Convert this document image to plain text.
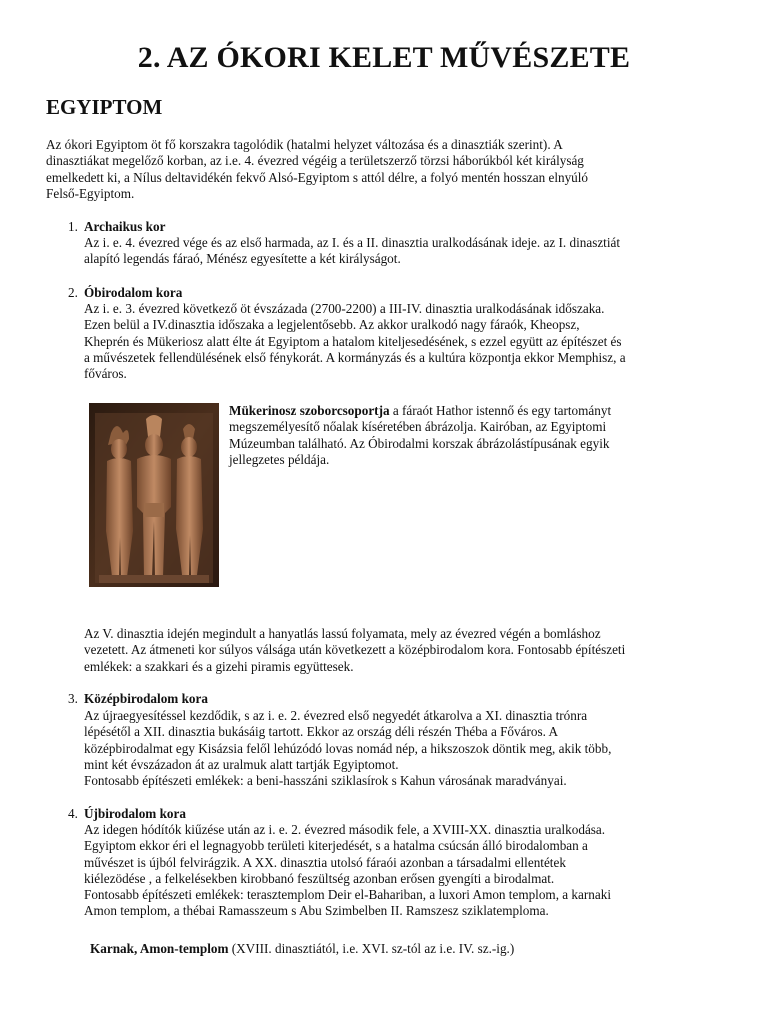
2. AZ ÓKORI KELET MŰVÉSZETE
EGYIPTOM
Az ókori Egyiptom öt fő korszakra tagolódik (hatalmi helyzet változása és a dinasztiák szerint). A
dinasztiákat megelőző korban, az i.e. 4. évezred végéig a területszerző törzsi háborúkból két királyság
emelkedett ki, a Nílus deltavidékén fekvő Alsó-Egyiptom s attól délre, a folyó mentén hosszan elnyúló
Felső-Egyiptom.
1. Archaikus kor
Az i. e. 4. évezred vége és az első harmada, az I. és a II. dinasztia uralkodásának ideje. az I. dinasztiát
alapító legendás fáraó, Ménész egyesítette a két királyságot.
2. Óbirodalom kora
Az i. e. 3. évezred következő öt évszázada (2700-2200) a III-IV. dinasztia uralkodásának időszaka.
Ezen belül a IV.dinasztia időszaka a legjelentősebb. Az akkor uralkodó nagy fáraók, Kheopsz,
Kheprén és Mükeriosz alatt élte át Egyiptom a hatalom kiteljesedésének, s ezzel együtt az építészet és
a művészetek fellendülésének első fénykorát. A kormányzás és a kultúra központja ekkor Memphisz, a
főváros.
Mükerinosz szoborcsoportja a fáraót Hathor istennő és egy tartományt
megszemélyesítő nőalak kíséretében ábrázolja. Kairóban, az Egyiptomi
Múzeumban található. Az Óbirodalmi korszak ábrázolástípusának egyik
jellegzetes példája.
Az V. dinasztia idején megindult a hanyatlás lassú folyamata, mely az évezred végén a bomláshoz
vezetett. Az átmeneti kor súlyos válsága után következett a középbirodalom kora. Fontosabb építészeti
emlékek: a szakkari és a gizehi piramis együttesek.
3. Középbirodalom kora
Az újraegyesítéssel kezdődik, s az i. e. 2. évezred első negyedét átkarolva a XI. dinasztia trónra
lépésétől a XII. dinasztia bukásáig tartott. Ekkor az ország déli részén Théba a Főváros. A
középbirodalmat egy Kisázsia felől lehúzódó lovas nomád nép, a hikszoszok döntik meg, akik több,
mint két évszázadon át az uralmuk alatt tartják Egyiptomot.
Fontosabb építészeti emlékek: a beni-hasszáni sziklasírok s Kahun városának maradványai.
4. Újbirodalom kora
Az idegen hódítók kiűzése után az i. e. 2. évezred második fele, a XVIII-XX. dinasztia uralkodása.
Egyiptom ekkor éri el legnagyobb területi kiterjedését, s a hatalma csúcsán álló birodalomban a
művészet is újból felvirágzik. A XX. dinasztia utolsó fáraói azonban a társadalmi ellentétek
kiélezödése , a felkelésekben kirobbanó feszültség azonban erősen gyengíti a birodalmat.
Fontosabb építészeti emlékek: terasztemplom Deir el-Bahariban, a luxori Amon templom, a karnaki
Amon templom, a thébai Ramasszeum s Abu Szimbelben II. Ramszesz sziklatemploma.
Karnak, Amon-templom (XVIII. dinasztiától, i.e. XVI. sz-tól az i.e. IV. sz.-ig.)
